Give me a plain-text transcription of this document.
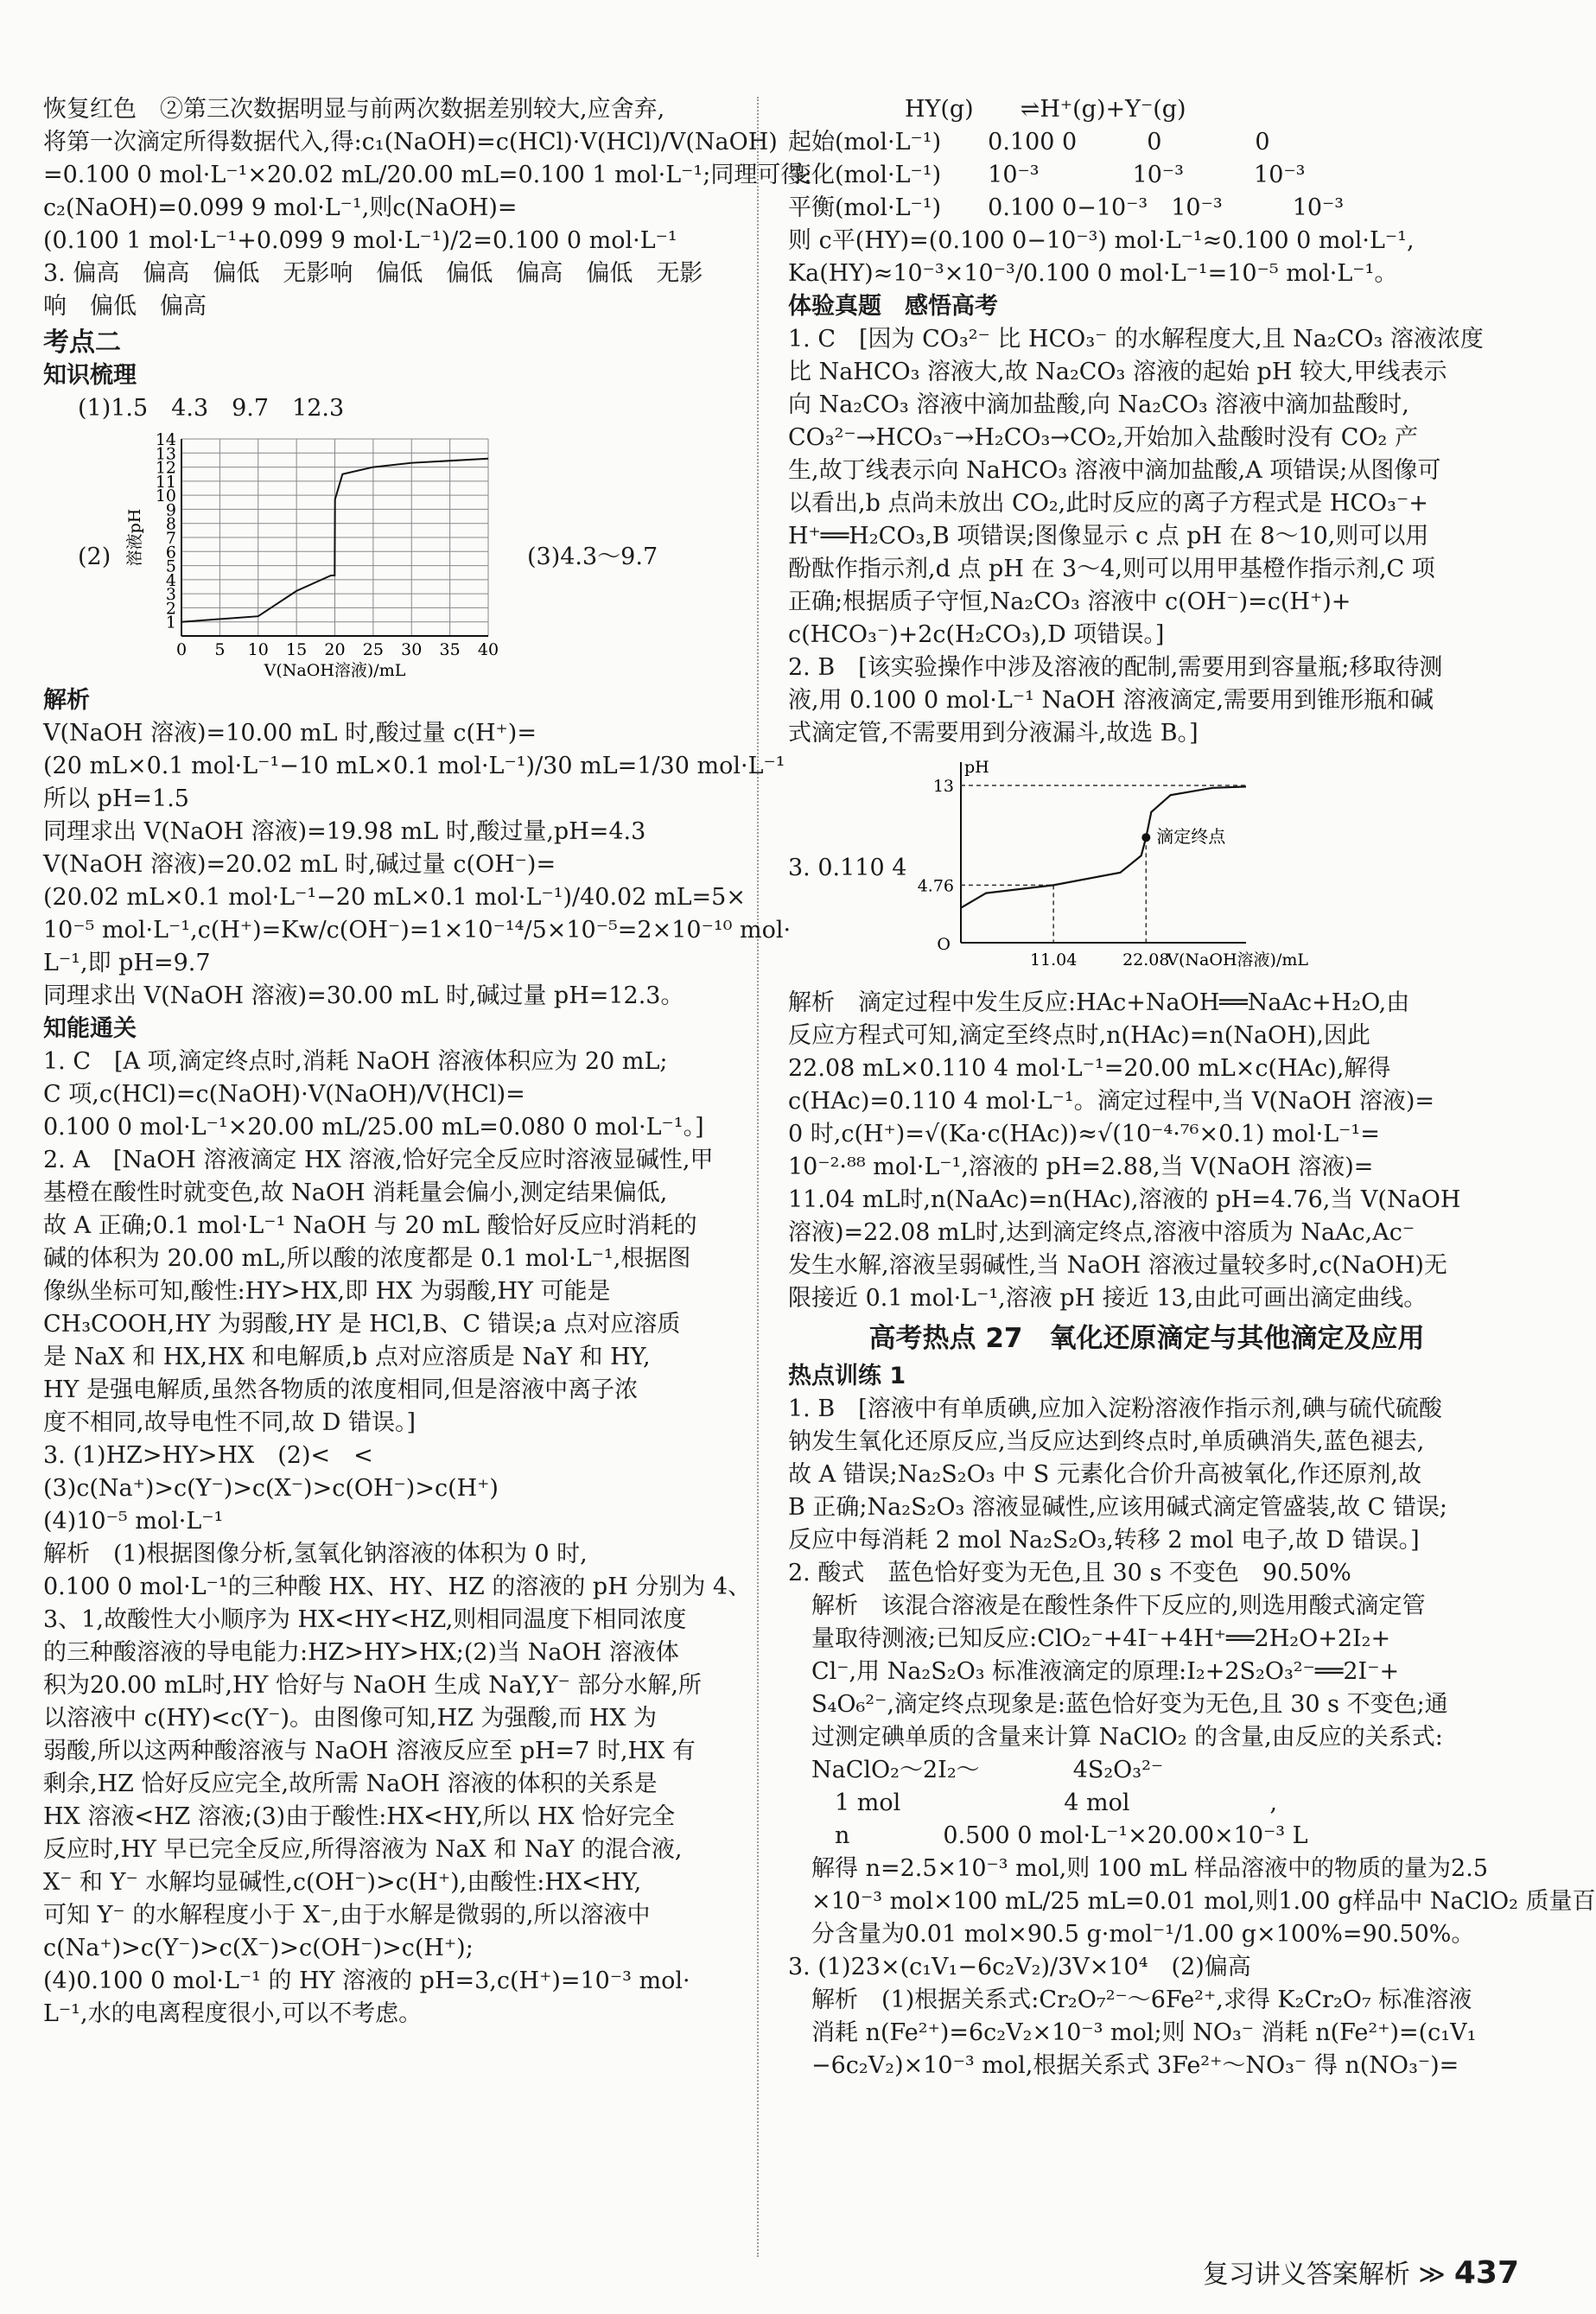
恢复红色　②第三次数据明显与前两次数据差别较大,应舍弃,

将第一次滴定所得数据代入,得:c₁(NaOH)=c(HCl)·V(HCl)/V(NaOH)

=0.100 0 mol·L⁻¹×20.02 mL/20.00 mL=0.100 1 mol·L⁻¹;同理可得:

c₂(NaOH)=0.099 9 mol·L⁻¹,则c(NaOH)=

(0.100 1 mol·L⁻¹+0.099 9 mol·L⁻¹)/2=0.100 0 mol·L⁻¹

3. 偏高　偏高　偏低　无影响　偏低　偏低　偏高　偏低　无影

响　偏低　偏高

考点二

知识梳理

(1)1.5　4.3　9.7　12.3

(2)
1
2
3
4
5
6
7
8
9
10
11
12
13
14
0 5 10 15 20 25 30 35 40
V(NaOH溶液)/mL
溶液pH	(3)4.3～9.7

解析

V(NaOH 溶液)=10.00 mL 时,酸过量 c(H⁺)=

(20 mL×0.1 mol·L⁻¹−10 mL×0.1 mol·L⁻¹)/30 mL=1/30 mol·L⁻¹

所以 pH=1.5

同理求出 V(NaOH 溶液)=19.98 mL 时,酸过量,pH=4.3

V(NaOH 溶液)=20.02 mL 时,碱过量 c(OH⁻)=

(20.02 mL×0.1 mol·L⁻¹−20 mL×0.1 mol·L⁻¹)/40.02 mL=5×

10⁻⁵ mol·L⁻¹,c(H⁺)=Kw/c(OH⁻)=1×10⁻¹⁴/5×10⁻⁵=2×10⁻¹⁰ mol·

L⁻¹,即 pH=9.7

同理求出 V(NaOH 溶液)=30.00 mL 时,碱过量 pH=12.3。

知能通关

1. C　[A 项,滴定终点时,消耗 NaOH 溶液体积应为 20 mL;

C 项,c(HCl)=c(NaOH)·V(NaOH)/V(HCl)=

0.100 0 mol·L⁻¹×20.00 mL/25.00 mL=0.080 0 mol·L⁻¹。]

2. A　[NaOH 溶液滴定 HX 溶液,恰好完全反应时溶液显碱性,甲

基橙在酸性时就变色,故 NaOH 消耗量会偏小,测定结果偏低,

故 A 正确;0.1 mol·L⁻¹ NaOH 与 20 mL 酸恰好反应时消耗的

碱的体积为 20.00 mL,所以酸的浓度都是 0.1 mol·L⁻¹,根据图

像纵坐标可知,酸性:HY>HX,即 HX 为弱酸,HY 可能是

CH₃COOH,HY 为弱酸,HY 是 HCl,B、C 错误;a 点对应溶质

是 NaX 和 HX,HX 和电解质,b 点对应溶质是 NaY 和 HY,

HY 是强电解质,虽然各物质的浓度相同,但是溶液中离子浓

度不相同,故导电性不同,故 D 错误。]

3. (1)HZ>HY>HX　(2)<　<

(3)c(Na⁺)>c(Y⁻)>c(X⁻)>c(OH⁻)>c(H⁺)

(4)10⁻⁵ mol·L⁻¹

解析　(1)根据图像分析,氢氧化钠溶液的体积为 0 时,

0.100 0 mol·L⁻¹的三种酸 HX、HY、HZ 的溶液的 pH 分别为 4、

3、1,故酸性大小顺序为 HX<HY<HZ,则相同温度下相同浓度

的三种酸溶液的导电能力:HZ>HY>HX;(2)当 NaOH 溶液体

积为20.00 mL时,HY 恰好与 NaOH 生成 NaY,Y⁻ 部分水解,所

以溶液中 c(HY)<c(Y⁻)。由图像可知,HZ 为强酸,而 HX 为

弱酸,所以这两种酸溶液与 NaOH 溶液反应至 pH=7 时,HX 有

剩余,HZ 恰好反应完全,故所需 NaOH 溶液的体积的关系是

HX 溶液<HZ 溶液;(3)由于酸性:HX<HY,所以 HX 恰好完全

反应时,HY 早已完全反应,所得溶液为 NaX 和 NaY 的混合液,

X⁻ 和 Y⁻ 水解均显碱性,c(OH⁻)>c(H⁺),由酸性:HX<HY,

可知 Y⁻ 的水解程度小于 X⁻,由于水解是微弱的,所以溶液中

c(Na⁺)>c(Y⁻)>c(X⁻)>c(OH⁻)>c(H⁺);

(4)0.100 0 mol·L⁻¹ 的 HY 溶液的 pH=3,c(H⁺)=10⁻³ mol·

L⁻¹,水的电离程度很小,可以不考虑。

　　　　　HY(g)　　⇌H⁺(g)+Y⁻(g)

起始(mol·L⁻¹)　　0.100 0　　　0　　　　0

变化(mol·L⁻¹)　　10⁻³　　　　10⁻³　　　10⁻³

平衡(mol·L⁻¹)　　0.100 0−10⁻³　10⁻³　　　10⁻³

则 c平(HY)=(0.100 0−10⁻³) mol·L⁻¹≈0.100 0 mol·L⁻¹,

Ka(HY)≈10⁻³×10⁻³/0.100 0 mol·L⁻¹=10⁻⁵ mol·L⁻¹。

体验真题　感悟高考

1. C　[因为 CO₃²⁻ 比 HCO₃⁻ 的水解程度大,且 Na₂CO₃ 溶液浓度

比 NaHCO₃ 溶液大,故 Na₂CO₃ 溶液的起始 pH 较大,甲线表示

向 Na₂CO₃ 溶液中滴加盐酸,向 Na₂CO₃ 溶液中滴加盐酸时,

CO₃²⁻→HCO₃⁻→H₂CO₃→CO₂,开始加入盐酸时没有 CO₂ 产

生,故丁线表示向 NaHCO₃ 溶液中滴加盐酸,A 项错误;从图像可

以看出,b 点尚未放出 CO₂,此时反应的离子方程式是 HCO₃⁻+

H⁺══H₂CO₃,B 项错误;图像显示 c 点 pH 在 8～10,则可以用

酚酞作指示剂,d 点 pH 在 3～4,则可以用甲基橙作指示剂,C 项

正确;根据质子守恒,Na₂CO₃ 溶液中 c(OH⁻)=c(H⁺)+

c(HCO₃⁻)+2c(H₂CO₃),D 项错误。]

2. B　[该实验操作中涉及溶液的配制,需要用到容量瓶;移取待测

液,用 0.100 0 mol·L⁻¹ NaOH 溶液滴定,需要用到锥形瓶和碱

式滴定管,不需要用到分液漏斗,故选 B。]

3. 0.110 4
pH
13
4.76
O
11.04	22.08
V(NaOH溶液)/mL
滴定终点

解析　滴定过程中发生反应:HAc+NaOH══NaAc+H₂O,由

反应方程式可知,滴定至终点时,n(HAc)=n(NaOH),因此

22.08 mL×0.110 4 mol·L⁻¹=20.00 mL×c(HAc),解得

c(HAc)=0.110 4 mol·L⁻¹。滴定过程中,当 V(NaOH 溶液)=

0 时,c(H⁺)=√(Ka·c(HAc))≈√(10⁻⁴·⁷⁶×0.1) mol·L⁻¹=

10⁻²·⁸⁸ mol·L⁻¹,溶液的 pH=2.88,当 V(NaOH 溶液)=

11.04 mL时,n(NaAc)=n(HAc),溶液的 pH=4.76,当 V(NaOH

溶液)=22.08 mL时,达到滴定终点,溶液中溶质为 NaAc,Ac⁻

发生水解,溶液呈弱碱性,当 NaOH 溶液过量较多时,c(NaOH)无

限接近 0.1 mol·L⁻¹,溶液 pH 接近 13,由此可画出滴定曲线。

高考热点 27　氧化还原滴定与其他滴定及应用

热点训练 1

1. B　[溶液中有单质碘,应加入淀粉溶液作指示剂,碘与硫代硫酸

钠发生氧化还原反应,当反应达到终点时,单质碘消失,蓝色褪去,

故 A 错误;Na₂S₂O₃ 中 S 元素化合价升高被氧化,作还原剂,故

B 正确;Na₂S₂O₃ 溶液显碱性,应该用碱式滴定管盛装,故 C 错误;

反应中每消耗 2 mol Na₂S₂O₃,转移 2 mol 电子,故 D 错误。]

2. 酸式　蓝色恰好变为无色,且 30 s 不变色　90.50%

　解析　该混合溶液是在酸性条件下反应的,则选用酸式滴定管

　量取待测液;已知反应:ClO₂⁻+4I⁻+4H⁺══2H₂O+2I₂+

　Cl⁻,用 Na₂S₂O₃ 标准液滴定的原理:I₂+2S₂O₃²⁻══2I⁻+

　S₄O₆²⁻,滴定终点现象是:蓝色恰好变为无色,且 30 s 不变色;通

　过测定碘单质的含量来计算 NaClO₂ 的含量,由反应的关系式:

　NaClO₂～2I₂～　　　　4S₂O₃²⁻

　　1 mol　　　　　　　4 mol　　　　　　,

　　n　　　　0.500 0 mol·L⁻¹×20.00×10⁻³ L

　解得 n=2.5×10⁻³ mol,则 100 mL 样品溶液中的物质的量为2.5

　×10⁻³ mol×100 mL/25 mL=0.01 mol,则1.00 g样品中 NaClO₂ 质量百

　分含量为0.01 mol×90.5 g·mol⁻¹/1.00 g×100%=90.50%。

3. (1)23×(c₁V₁−6c₂V₂)/3V×10⁴　(2)偏高

　解析　(1)根据关系式:Cr₂O₇²⁻～6Fe²⁺,求得 K₂Cr₂O₇ 标准溶液

　消耗 n(Fe²⁺)=6c₂V₂×10⁻³ mol;则 NO₃⁻ 消耗 n(Fe²⁺)=(c₁V₁

　−6c₂V₂)×10⁻³ mol,根据关系式 3Fe²⁺～NO₃⁻ 得 n(NO₃⁻)=

复习讲义答案解析 ≫ 437
